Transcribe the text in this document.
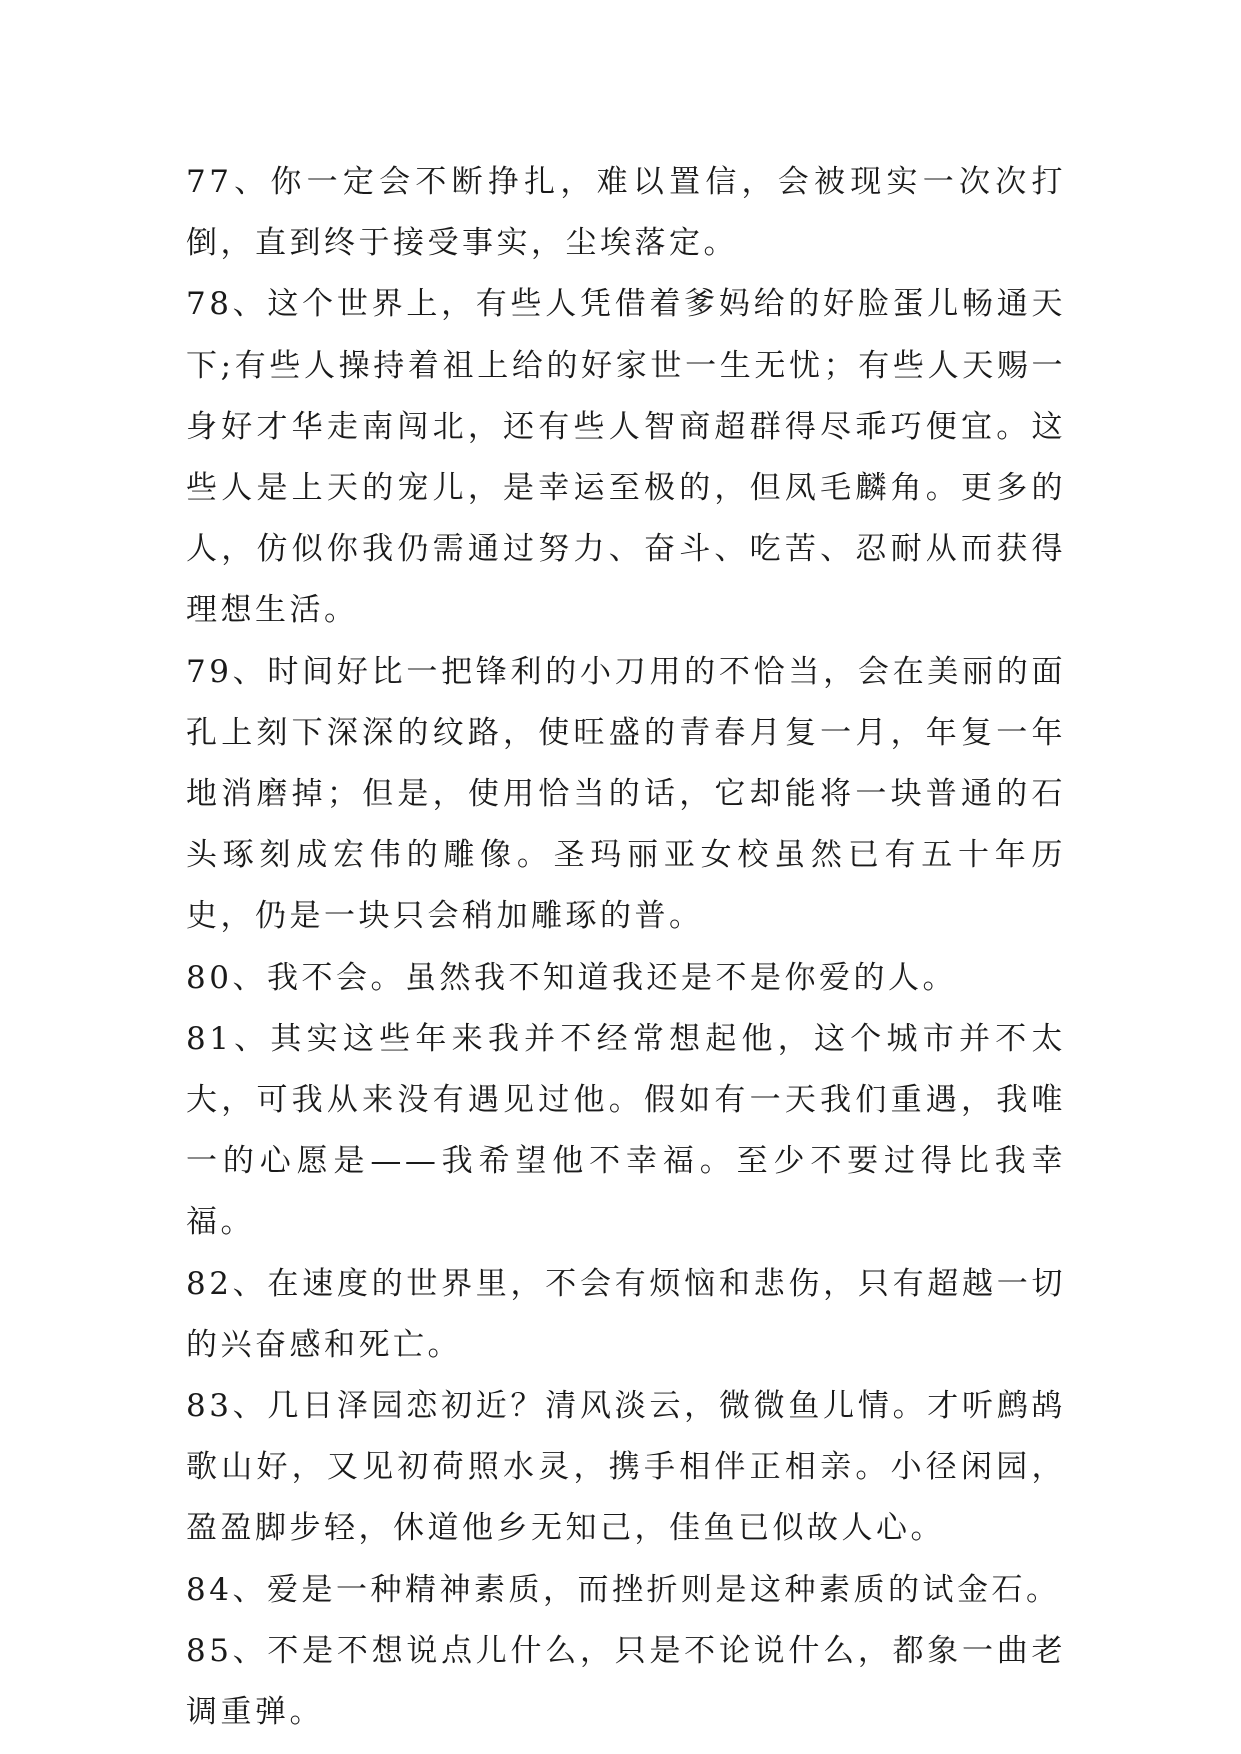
77、你一定会不断挣扎，难以置信，会被现实一次次打倒，直到终于接受事实，尘埃落定。

78、这个世界上，有些人凭借着爹妈给的好脸蛋儿畅通天下;有些人操持着祖上给的好家世一生无忧；有些人天赐一身好才华走南闯北，还有些人智商超群得尽乖巧便宜。这些人是上天的宠儿，是幸运至极的，但凤毛麟角。更多的人，仿似你我仍需通过努力、奋斗、吃苦、忍耐从而获得理想生活。

79、时间好比一把锋利的小刀用的不恰当，会在美丽的面孔上刻下深深的纹路，使旺盛的青春月复一月，年复一年地消磨掉；但是，使用恰当的话，它却能将一块普通的石头琢刻成宏伟的雕像。圣玛丽亚女校虽然已有五十年历史，仍是一块只会稍加雕琢的普。

80、我不会。虽然我不知道我还是不是你爱的人。

81、其实这些年来我并不经常想起他，这个城市并不太大，可我从来没有遇见过他。假如有一天我们重遇，我唯一的心愿是——我希望他不幸福。至少不要过得比我幸福。

82、在速度的世界里，不会有烦恼和悲伤，只有超越一切的兴奋感和死亡。

83、几日泽园恋初近？清风淡云，微微鱼儿情。才听鹧鸪歌山好，又见初荷照水灵，携手相伴正相亲。小径闲园，盈盈脚步轻，休道他乡无知己，佳鱼已似故人心。

84、爱是一种精神素质，而挫折则是这种素质的试金石。

85、不是不想说点儿什么，只是不论说什么，都象一曲老调重弹。
